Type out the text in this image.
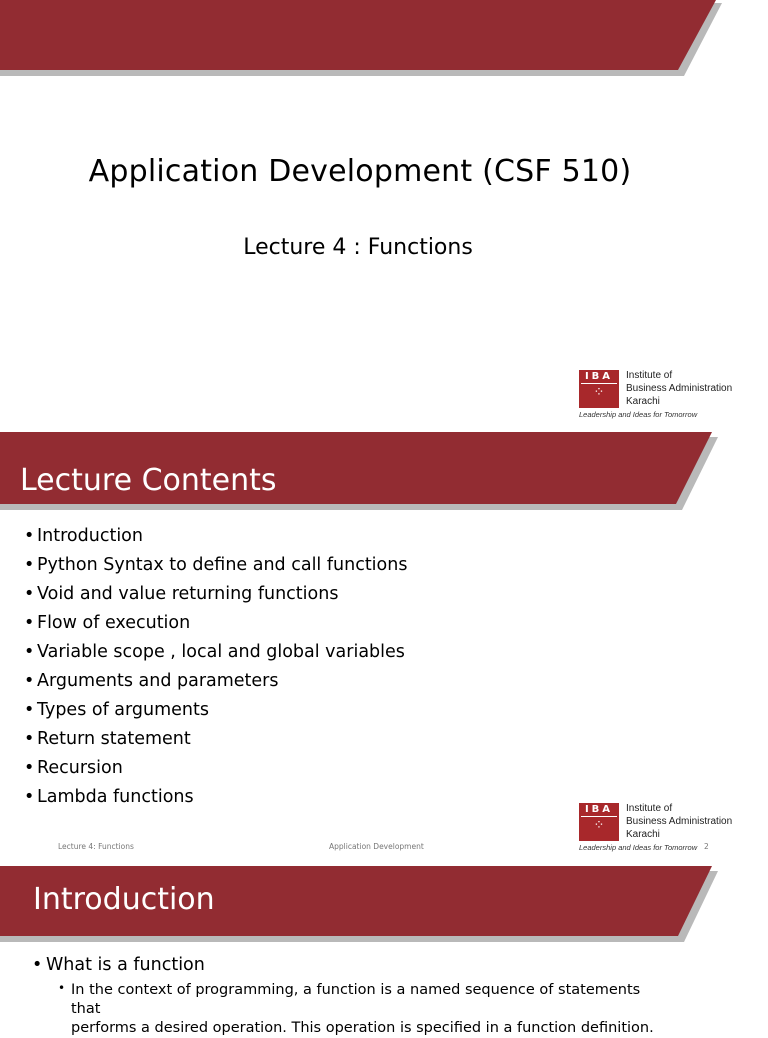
Application Development (CSF 510)
Lecture 4 : Functions
IBA
⁘
Institute of
Business Administration
Karachi
Leadership and Ideas for Tomorrow
Lecture Contents
• Introduction
• Python Syntax to define and call functions
• Void and value returning functions
• Flow of execution
• Variable scope , local and global variables
• Arguments and parameters
• Types of arguments
• Return statement
• Recursion
• Lambda functions
IBA
⁘
Institute of
Business Administration
Karachi
Leadership and Ideas for Tomorrow
Lecture 4: Functions	Application Development	2
Introduction
• What is a function
• In the context of programming, a function is a named sequence of statements that
performs a desired operation. This operation is specified in a function definition.
